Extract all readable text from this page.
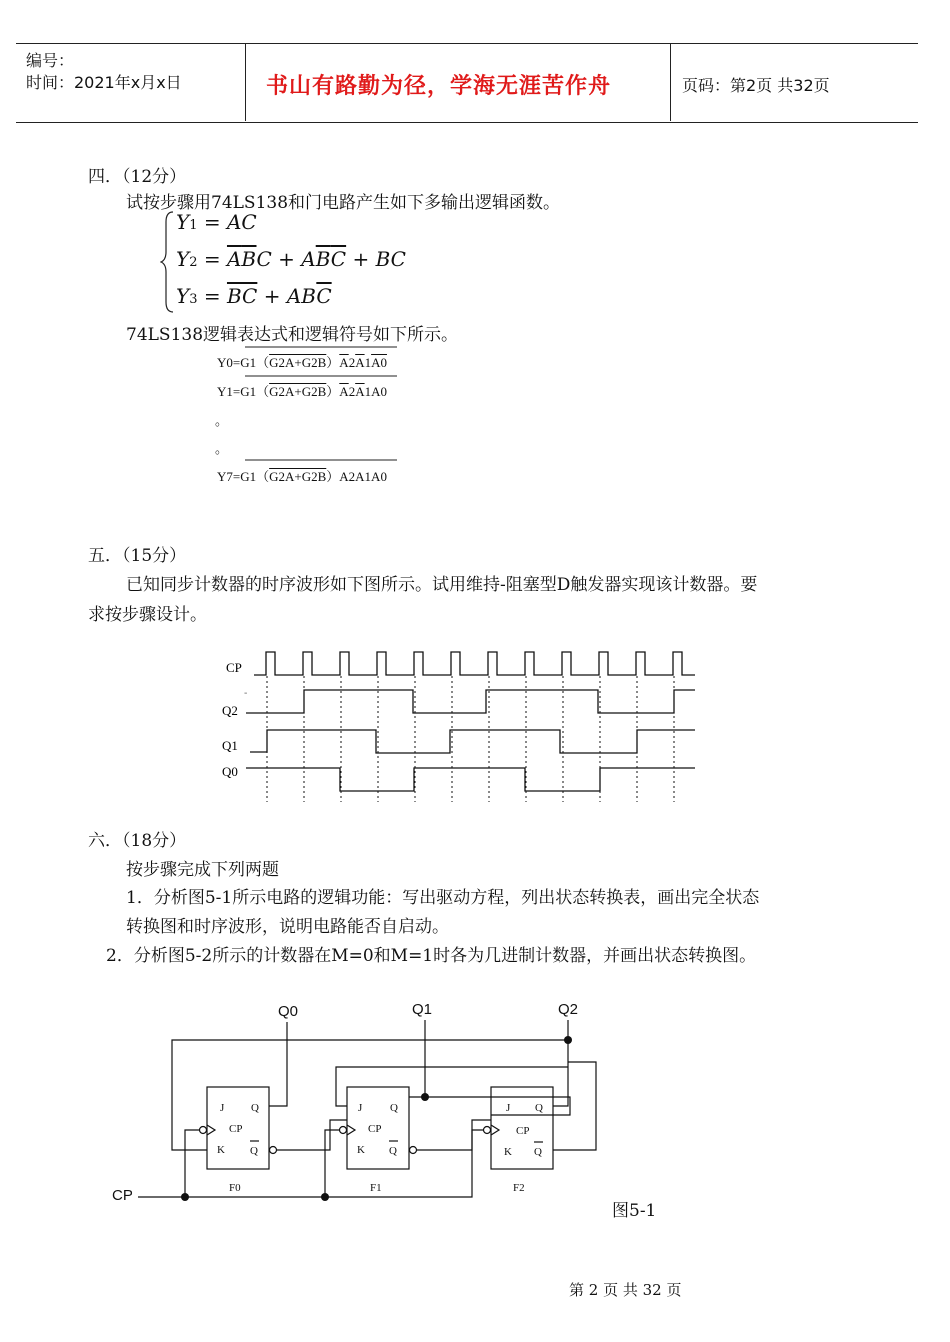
编号：
时间：2021年x月x日	书山有路勤为径，学海无涯苦作舟	页码：第2页 共32页
四．（12分）
试按步骤用74LS138和门电路产生如下多输出逻辑函数。
Y1 = AC
$Y2 = \overline{A}\overline{B}C + A\overline{B}\overline{C}$ + BC
$Y3 = \overline{BC} + AB\overline{C}$
74LS138逻辑表达式和逻辑符号如下所示。
$Y0=G1(G2A+G2B)\overline{A}2\overline{A}1A0$
$Y1=G1(G2A+G2B)\overline{A}2\overline{A}1A0$
。
。
Y7=G1（G2A+G2B）A2A1A0
五．（15分）
已知同步计数器的时序波形如下图所示。试用维持-阻塞型D触发器实现该计数器。要
求按步骤设计。
CP
Q2
Q1
Q0
-
六．（18分）
按步骤完成下列两题
1．分析图5-1所示电路的逻辑功能：写出驱动方程，列出状态转换表，画出完全状态
转换图和时序波形，说明电路能否自启动。
2．分析图5-2所示的计数器在M=0和M=1时各为几进制计数器，并画出状态转换图。
Q0	Q1	Q2
CP
J Q
CP
K Q
J	Q
CP
K Q
J Q
CP
K Q
F0	F1	F2
图5-1
第 2 页 共 32 页
